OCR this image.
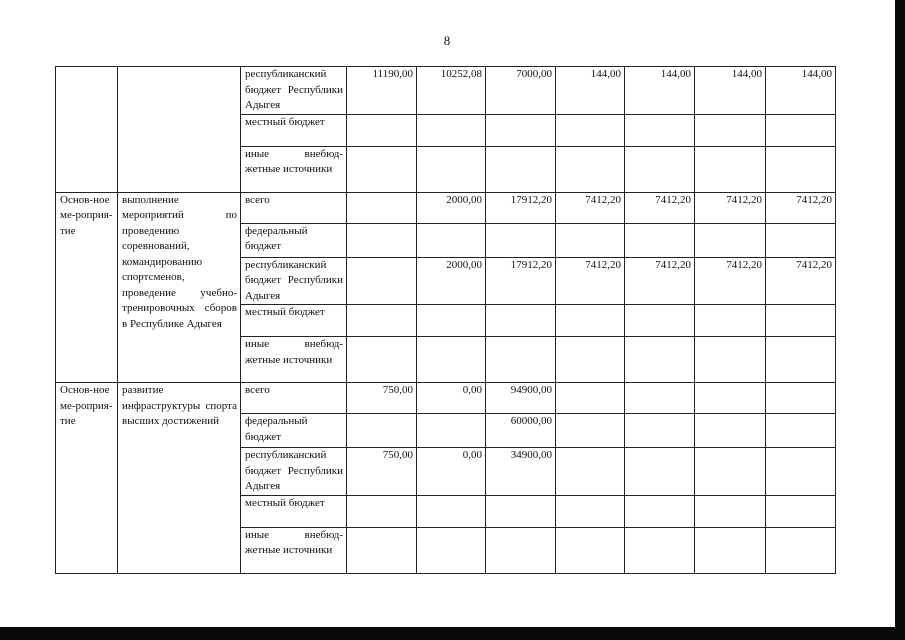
8
		республиканский бюджет Республики Адыгея	11190,00	10252,08	7000,00	144,00	144,00	144,00	144,00
		местный бюджет							
		иные внебюд-жетные источники							
Основ-ное ме-роприя-тие	выполнение мероприятий по проведению соревнований, командированию спортсменов, проведение учебно-тренировочных сборов в Республике Адыгея	всего		2000,00	17912,20	7412,20	7412,20	7412,20	7412,20
		федеральный бюджет							
		республиканский бюджет Республики Адыгея		2000,00	17912,20	7412,20	7412,20	7412,20	7412,20
		местный бюджет							
		иные внебюд-жетные источники							
Основ-ное ме-роприя-тие	развитие инфраструктуры спорта высших достижений	всего	750,00	0,00	94900,00				
		федеральный бюджет			60000,00				
		республиканский бюджет Республики Адыгея	750,00	0,00	34900,00				
		местный бюджет							
		иные внебюд-жетные источники							
